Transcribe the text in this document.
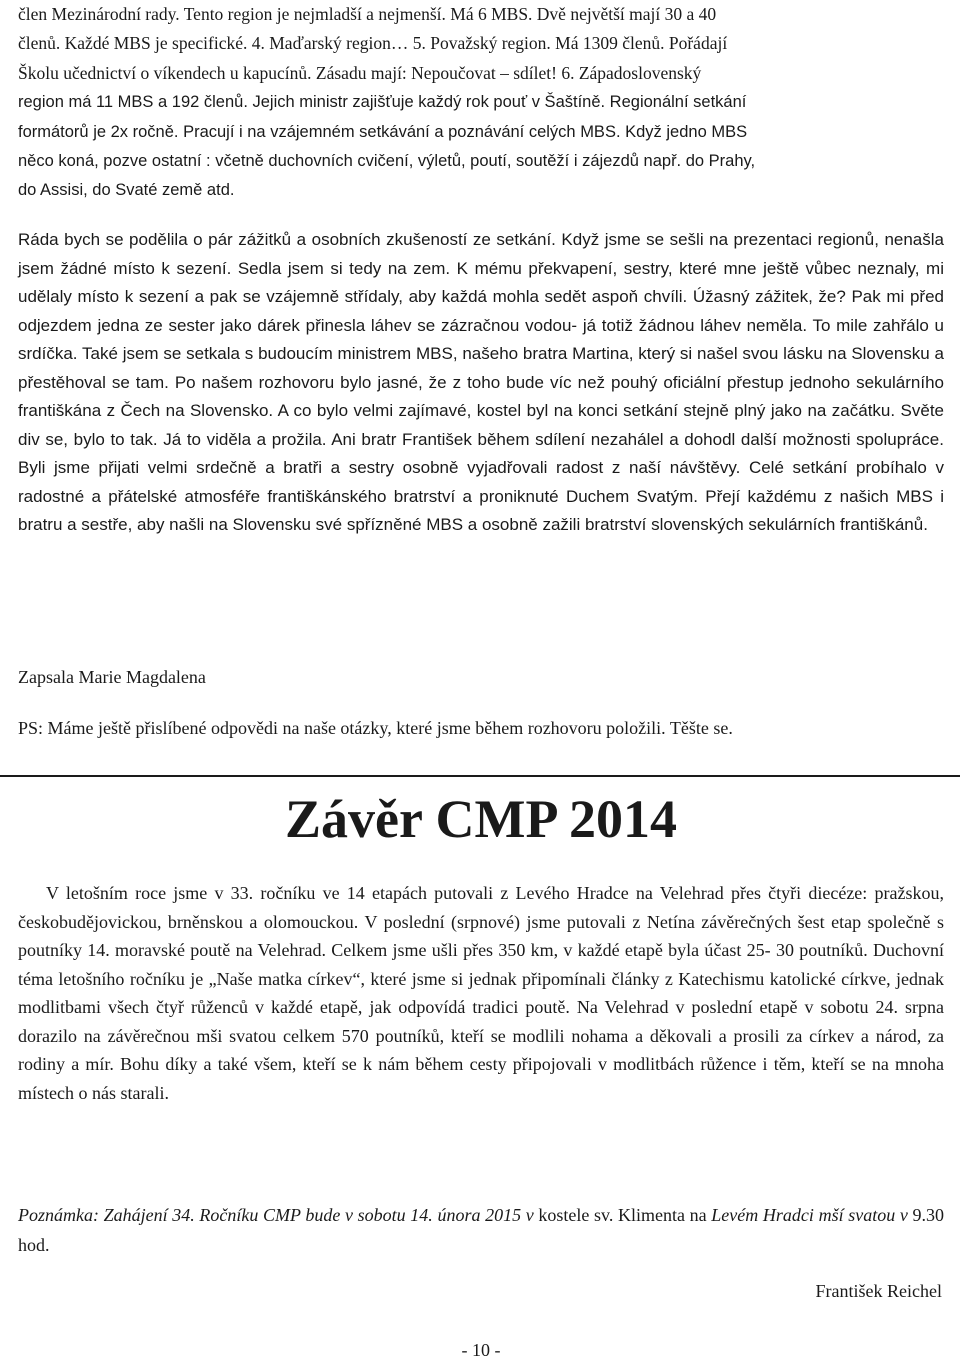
člen Mezinárodní rady. Tento region je nejmladší a nejmenší. Má 6 MBS. Dvě největší mají 30 a 40

členů. Každé MBS je specifické. 4. Maďarský region… 5. Považský region. Má 1309 členů. Pořádají

Školu učednictví o víkendech u kapucínů. Zásadu mají: Nepoučovat – sdílet! 6. Západoslovenský

region má 11 MBS a 192 členů. Jejich ministr zajišťuje každý rok pouť v Šaštíně. Regionální setkání

formátorů je 2x ročně. Pracují i na vzájemném setkávání a poznávání celých MBS. Když jedno MBS

něco koná, pozve ostatní : včetně duchovních cvičení, výletů, poutí, soutěží i zájezdů např. do Prahy,

do Assisi, do Svaté země atd.

Ráda bych se podělila o pár zážitků a osobních zkušeností ze setkání. Když jsme se sešli na prezentaci regionů, nenašla jsem žádné místo k sezení. Sedla jsem si tedy na zem. K mému překvapení, sestry, které mne ještě vůbec neznaly, mi udělaly místo k sezení a pak se vzájemně střídaly, aby každá mohla sedět aspoň chvíli. Úžasný zážitek, že? Pak mi před odjezdem jedna ze sester jako dárek přinesla láhev se zázračnou vodou- já totiž žádnou láhev neměla. To mile zahřálo u srdíčka. Také jsem se setkala s budoucím ministrem MBS, našeho bratra Martina, který si našel svou lásku na Slovensku a přestěhoval se tam. Po našem rozhovoru bylo jasné, že z toho bude víc než pouhý oficiální přestup jednoho sekulárního františkána z Čech na Slovensko. A co bylo velmi zajímavé, kostel byl na konci setkání stejně plný jako na začátku. Světe div se, bylo to tak. Já to viděla a prožila. Ani bratr František během sdílení nezahálel a dohodl další možnosti spolupráce. Byli jsme přijati velmi srdečně a bratři a sestry osobně vyjadřovali radost z naší návštěvy. Celé setkání probíhalo v radostné a přátelské atmosféře františkánského bratrství a proniknuté Duchem Svatým. Přejí každému z našich MBS i bratru a sestře, aby našli na Slovensku své spřízněné MBS a osobně zažili bratrství slovenských sekulárních františkánů.

Zapsala Marie Magdalena

PS: Máme ještě přislíbené odpovědi na naše otázky, které jsme během rozhovoru položili. Těšte se.

Závěr CMP 2014

V letošním roce jsme v 33. ročníku ve 14 etapách putovali z Levého Hradce na Velehrad přes čtyři diecéze: pražskou, českobudějovickou, brněnskou a olomouckou. V poslední (srpnové) jsme putovali z Netína závěrečných šest etap společně s poutníky 14. moravské poutě na Velehrad. Celkem jsme ušli přes 350 km, v každé etapě byla účast 25- 30 poutníků. Duchovní téma letošního ročníku je „Naše matka církev“, které jsme si jednak připomínali články z Katechismu katolické církve, jednak modlitbami všech čtyř růženců v každé etapě, jak odpovídá tradici poutě. Na Velehrad v poslední etapě v sobotu 24. srpna dorazilo na závěrečnou mši svatou celkem 570 poutníků, kteří se modlili nohama a děkovali a prosili za církev a národ, za rodiny a mír. Bohu díky a také všem, kteří se k nám během cesty připojovali v modlitbách růžence i těm, kteří se na mnoha místech o nás starali.

Poznámka: Zahájení 34. Ročníku CMP bude v sobotu 14. února 2015 v kostele sv. Klimenta na Levém Hradci mší svatou v 9.30 hod.

František Reichel

- 10 -
